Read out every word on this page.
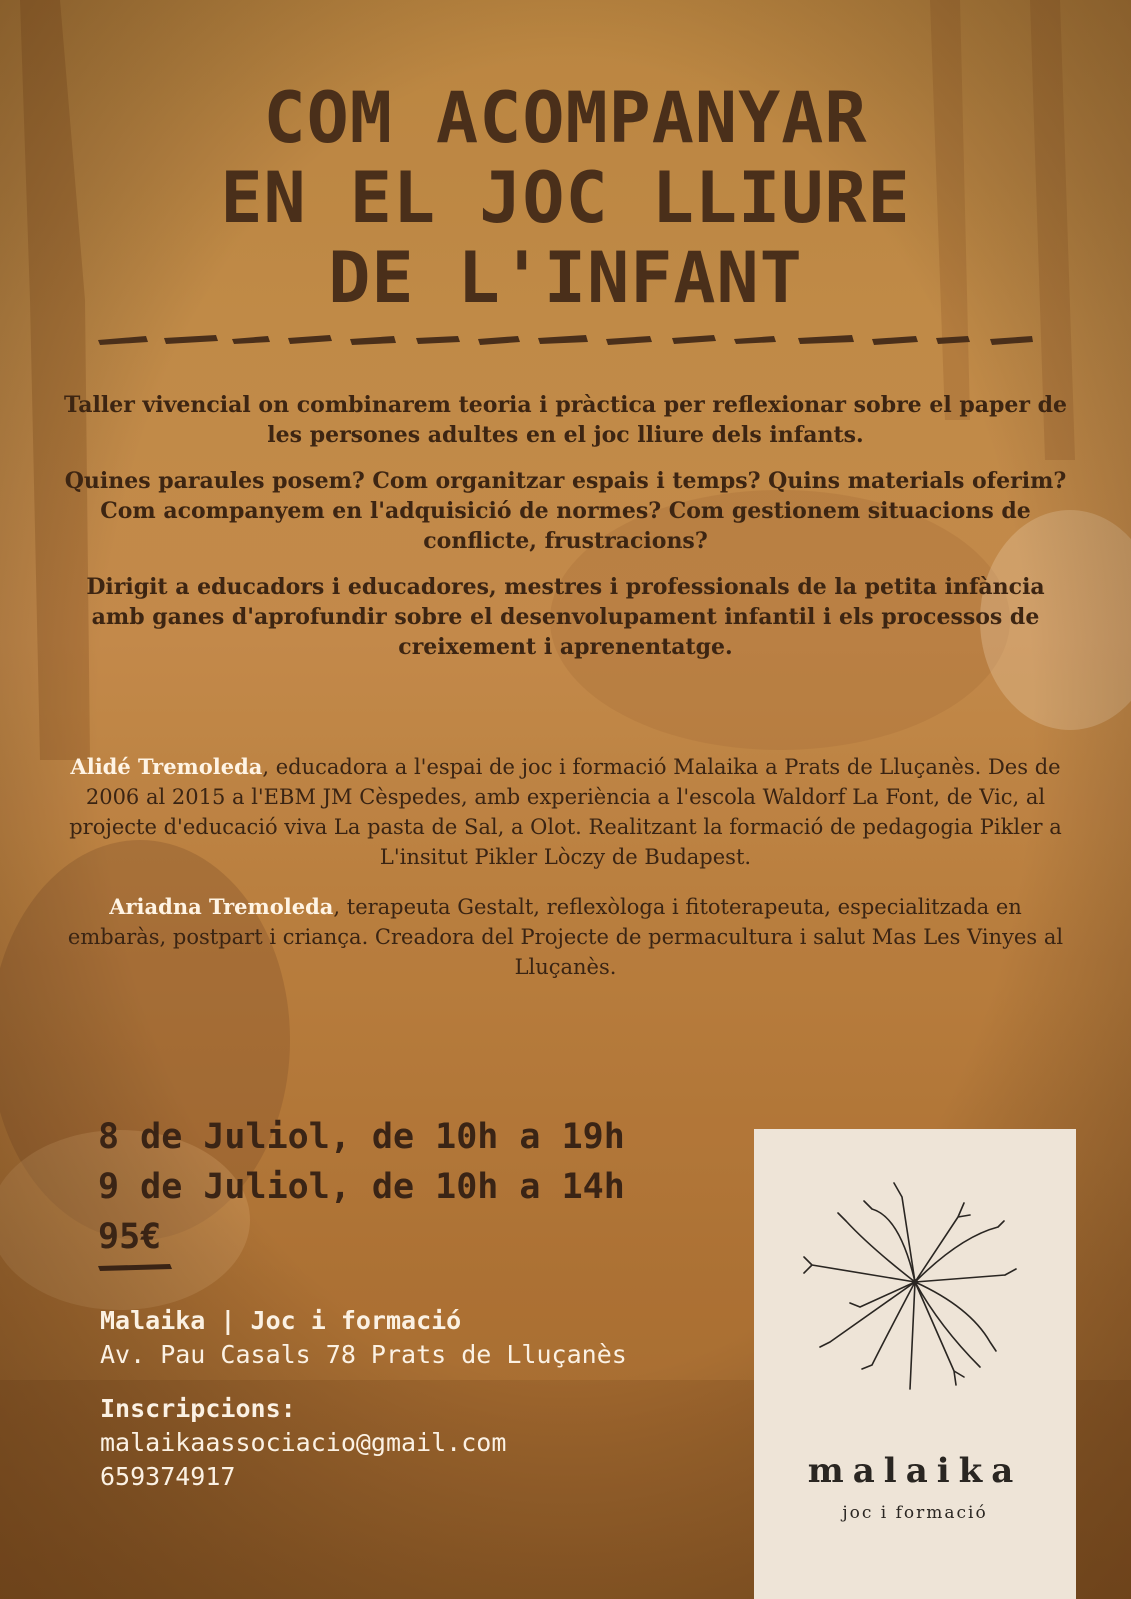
COM ACOMPANYAR
EN EL JOC LLIURE
DE L'INFANT

Taller vivencial on combinarem teoria i pràctica per reflexionar sobre el paper de les persones adultes en el joc lliure dels infants.

Quines paraules posem? Com organitzar espais i temps? Quins materials oferim? Com acompanyem en l'adquisició de normes? Com gestionem situacions de conflicte, frustracions?

Dirigit a educadors i educadores, mestres i professionals de la petita infància amb ganes d'aprofundir sobre el desenvolupament infantil i els processos de creixement i aprenentatge.

Alidé Tremoleda, educadora a l'espai de joc i formació Malaika a Prats de Lluçanès. Des de 2006 al 2015 a l'EBM JM Cèspedes, amb experiència a l'escola Waldorf La Font, de Vic, al projecte d'educació viva La pasta de Sal, a Olot. Realitzant la formació de pedagogia Pikler a L'insitut Pikler Lòczy de Budapest.

Ariadna Tremoleda, terapeuta Gestalt, reflexòloga i fitoterapeuta, especialitzada en embaràs, postpart i criança. Creadora del Projecte de permacultura i salut Mas Les Vinyes al Lluçanès.

8 de Juliol, de 10h a 19h
9 de Juliol, de 10h a 14h
95€
Malaika | Joc i formació
Av. Pau Casals 78 Prats de Lluçanès
Inscripcions:
malaikaassociacio@gmail.com
659374917	malaika
joc i formació
